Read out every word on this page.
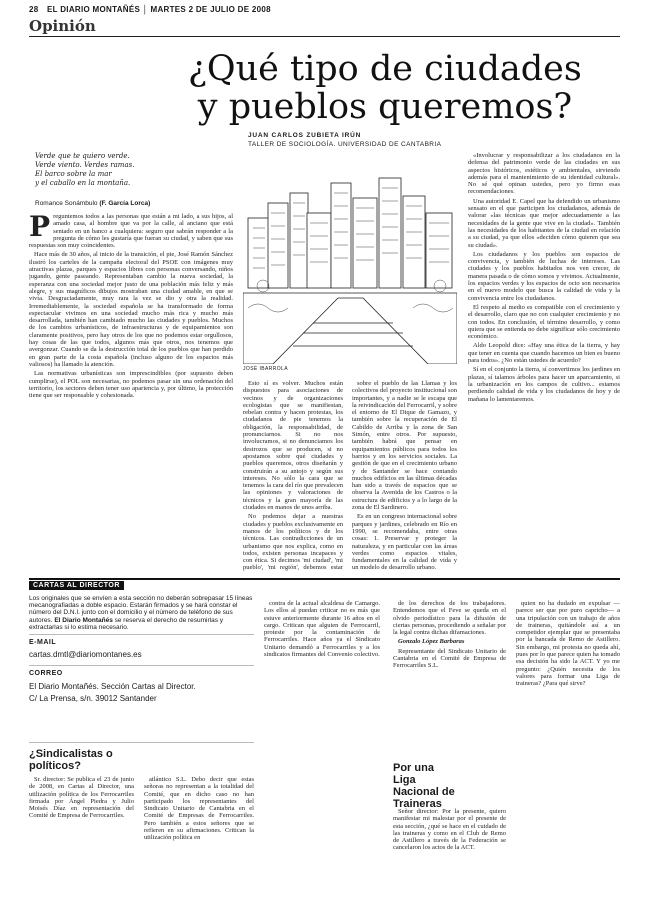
28 EL DIARIO MONTAÑÉS │ MARTES 2 DE JULIO DE 2008
Opinión
¿Qué tipo de ciudades
y pueblos queremos?
JUAN CARLOS ZUBIETA IRÚN
TALLER DE SOCIOLOGÍA. UNIVERSIDAD DE CANTABRIA
Verde que te quiero verde.
Verde viento. Verdes ramas.
El barco sobre la mar
y el caballo en la montaña.
Romance Sonámbulo (F. García Lorca)

Preguntemos todos a las personas que están a mi lado, a sus hijos, al amado casa, al hombre que va por la calle, al anciano que está sentado en un banco a cualquiera: seguro que sabrán responder a la pregunta de cómo les gustaría que fueran su ciudad, y saben que sus respuestas son muy coincidentes.

Hace más de 30 años, al inicio de la transición, el pie, José Ramón Sánchez ilustró los carteles de la campaña electoral del PSOE con imágenes muy atractivas plazas, parques y espacios libres con personas conversando, niños jugando, gente paseando. Representaban cambio la nueva sociedad, la esperanza con una sociedad mejor justo de una población más feliz y más alegre, y sus magníficos dibujos mostraban una ciudad amable, en que se vivía. Desgraciadamente, muy rara la vez se dio y otra la realidad. Irremediablemente, la sociedad española se ha transformado de forma espectacular vivimos en una sociedad mucho más rica y mucho más desarrollada, también han cambiado mucho las ciudades y pueblos. Muchos de los cambios urbanísticos, de infraestructuras y de equipamientos son claramente positivos, pero hay otros de los que no podemos estar orgullosos, hay cosas de las que todos, algunos más que otros, nos tenemos que avergonzar. Cuando se da la destrucción total de los pueblos que han perdido en gran parte de la costa española (incluso alguno de los espacios más valiosos) ha llamado la atención.

Las normativas urbanísticas son imprescindibles (por supuesto deben cumplirse), el POL son necesarias, no podemos pasar sin una ordenación del territorio, los sectores deben tener uso apariencia y, por último, la protección tiene que ser responsable y cohesionada.

JOSÉ IBARROLA

Esto sí es volver. Muchos están dispuestos para asociaciones de vecinos y de organizaciones ecologistas que se manifiestan, rebelan contra y hacen protestas, los ciudadanos de pie tenemos la obligación, la responsabilidad, de pronunciarnos. Si no nos involucramos, si no denunciamos los destrozos que se producen, si no apostamos sobre qué ciudades y pueblos queremos, otros diseñarán y construirán a su antojo y según sus intereses. No sólo la cara que se tenemos la cara del río que prevalecen las opiniones y valoraciones de técnicos y la gran mayoría de las ciudades en manos de unos arriba.

No podemos dejar a nuestras ciudades y pueblos exclusivamente en manos de los políticos y de los técnicos. Las contradicciones de un urbanismo que nos explica, como en todos, existen personas incapaces y con ética. Si decimos 'mi ciudad', 'mi pueblo', 'mi región', debemos estar

sobre el pueblo de las Llamas y los colectivos del proyecto institucional son importantes, y a nadie se le escapa que la reivindicación del Ferrocarril, y sobre el entorno de El Dique de Gamazo, y también sobre la recuperación de El Cabildo de Arriba y la zona de San Simón, entre otros. Por supuesto, también habrá que pensar en equipamientos públicos para todos los barrios y en los servicios sociales. La gestión de que en el crecimiento urbano y de Santander se hace contando muchos edificios en las últimas décadas han sido a través de espacios que se observa la Avenida de los Castros o la estructura de edificios y a lo largo de la zona de El Sardinero.

Es en un congreso internacional sobre parques y jardines, celebrado en Río en 1990, se recomendaba, entre otras cosas: 1. Preservar y proteger la naturaleza, y en particular con las áreas verdes como espacios vitales, fundamentales en la calidad de vida y un modelo de desarrollo urbano.

«Involucrar y responsabilizar a los ciudadanos en la defensa del patrimonio verde de las ciudades en sus aspectos históricos, estéticos y ambientales, sirviendo además para el mantenimiento de su identidad cultural». No sé qué opinan ustedes, pero yo firmo esas recomendaciones.

Una autoridad E. Capel que ha defendido un urbanismo sensato en el que participen los ciudadanos, además de valorar «las técnicas que mejor adecuadamente a las necesidades de la gente que vive en la ciudad». También las necesidades de los habitantes de la ciudad en relación a su ciudad, ya que ellos «deciden cómo quieren que sea su ciudad».

Los ciudadanos y los pueblos son espacios de convivencia, y también de luchas de intereses. Las ciudades y los pueblos habitados nos ven crecer, de manera pasada o de cómo somos y vivimos. Actualmente, los espacios verdes y los espacios de ocio son necesarios en el nuevo modelo que busca la calidad de vida y la convivencia entre los ciudadanos.

El respeto al medio es compatible con el crecimiento y el desarrollo, claro que no con cualquier crecimiento y no con todos. En conclusión, el término desarrollo, y como quiera que se entienda no debe significar sólo crecimiento económico.

Aldo Leopold dice: «Hay una ética de la tierra, y hay que tener en cuenta que cuando hacemos un bien es bueno para todos». ¿No están ustedes de acuerdo?

Sí en el conjunto la tierra, sí convertimos los jardines en plazas, sí talamos árboles para hacer un aparcamiento, si la urbanización en los campos de cultivo... estamos perdiendo calidad de vida y los ciudadanos de hoy y de mañana lo lamentaremos.

CARTAS AL DIRECTOR
Los originales que se envíen a esta sección no deberán sobrepasar 15 líneas mecanografiadas a doble espacio. Estarán firmados y se hará constar el número del D.N.I. junto con el domicilio y el número de teléfono de sus autores. El Diario Montañés se reserva el derecho de resumirlas y extractarlas si lo estima necesario.
E-MAIL
cartas.dmtl@diariomontanes.es
CORREO
El Diario Montañés. Sección Cartas al Director.
C/ La Prensa, s/n. 39012 Santander
¿Sindicalistas o políticos?

Sr. director: Se publica el 23 de junio de 2008, en Cartas al Director, una utilización política de los Ferrocarriles firmada por Ángel Piedra y Julio Moisés Díaz en representación del Comité de Empresa de Ferrocarriles.

atlántico S.L. Debo decir que estas señoras no representan a la totalidad del Comité, que en dicho caso no han participado los representantes del Sindicato Unitario de Cantabria en el Comité de Empresas de Ferrocarriles. Pero también a estos señores que se refieren en su afirmaciones. Critican la utilización política en

contra de la actual alcaldesa de Camargo. Los ellos al puedan criticar no es más que estuve anteriormente durante 16 años en el cargo. Critican que alguien de Ferrocarril, proteste por la contaminación de Ferrocarriles. Hace años ya el Sindicato Unitario demandó a Ferrocarriles y a los sindicatos firmantes del Convenio colectivo.

de los derechos de los trabajadores. Entendemos que el Feve se queda en el olvido periodístico para la difusión de ciertas personas, procediendo a señalar por la legal contra dichas difamaciones.

Gonzalo López Barbaras

Representante del Sindicato Unitario de Cantabria en el Comité de Empresa de Ferrocarriles S.L.

Por una Liga Nacional de Traineras

Señor director: Por la presente, quiero manifestar mi malestar por el presente de esta sección, ¿qué se hace en el cuidado de las traineras y como en el Club de Remo de Astillero a través de la Federación se cancelaron los actos de la ACT.

quien no ha dudado en expulsar —parece ser que por puro capricho— a una tripulación con un trabajo de años de traineras, quitándole así a un competidor ejemplar que se presentaba por la bancada de Remo de Astillero. Sin embargo, mi protesta no queda ahí, pues por lo que parece quien ha tomado esa decisión ha sido la ACT. Y yo me pregunto: ¿Quién necesita de los valores para formar una Liga de traineras? ¿Para qué sirve?
